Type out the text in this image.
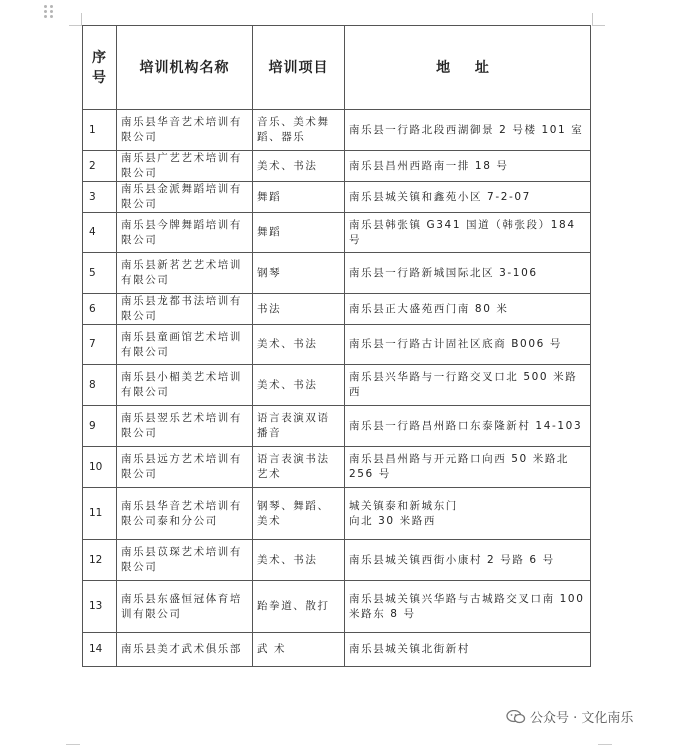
序
号	培训机构名称	培训项目	地 址
1	南乐县华音艺术培训有限公司	音乐、美术舞蹈、器乐	南乐县一行路北段西湖御景 2 号楼 101 室
2	南乐县广艺艺术培训有限公司	美术、书法	南乐县昌州西路南一排 18 号
3	南乐县金派舞蹈培训有限公司	舞蹈	南乐县城关镇和鑫苑小区 7-2-07
4	南乐县今牌舞蹈培训有限公司	舞蹈	南乐县韩张镇 G341 国道（韩张段）184 号
5	南乐县新茗艺艺术培训有限公司	钢琴	南乐县一行路新城国际北区 3-106
6	南乐县龙都书法培训有限公司	书法	南乐县正大盛苑西门南 80 米
7	南乐县童画馆艺术培训有限公司	美术、书法	南乐县一行路古计固社区底商 B006 号
8	南乐县小楣美艺术培训有限公司	美术、书法	南乐县兴华路与一行路交叉口北 500 米路西
9	南乐县翌乐艺术培训有限公司	语言表演双语播音	南乐县一行路昌州路口东泰隆新村 14-103
10	南乐县远方艺术培训有限公司	语言表演书法艺术	南乐县昌州路与开元路口向西 50 米路北 256 号
11	南乐县华音艺术培训有限公司泰和分公司	钢琴、舞蹈、美术	城关镇泰和新城东门
向北 30 米路西
12	南乐县苡琛艺术培训有限公司	美术、书法	南乐县城关镇西街小康村 2 号路 6 号
13	南乐县东盛恒冠体育培训有限公司	跆拳道、散打	南乐县城关镇兴华路与古城路交叉口南 100 米路东 8 号
14	南乐县美才武术俱乐部	武 术	南乐县城关镇北街新村
公众号 · 文化南乐
